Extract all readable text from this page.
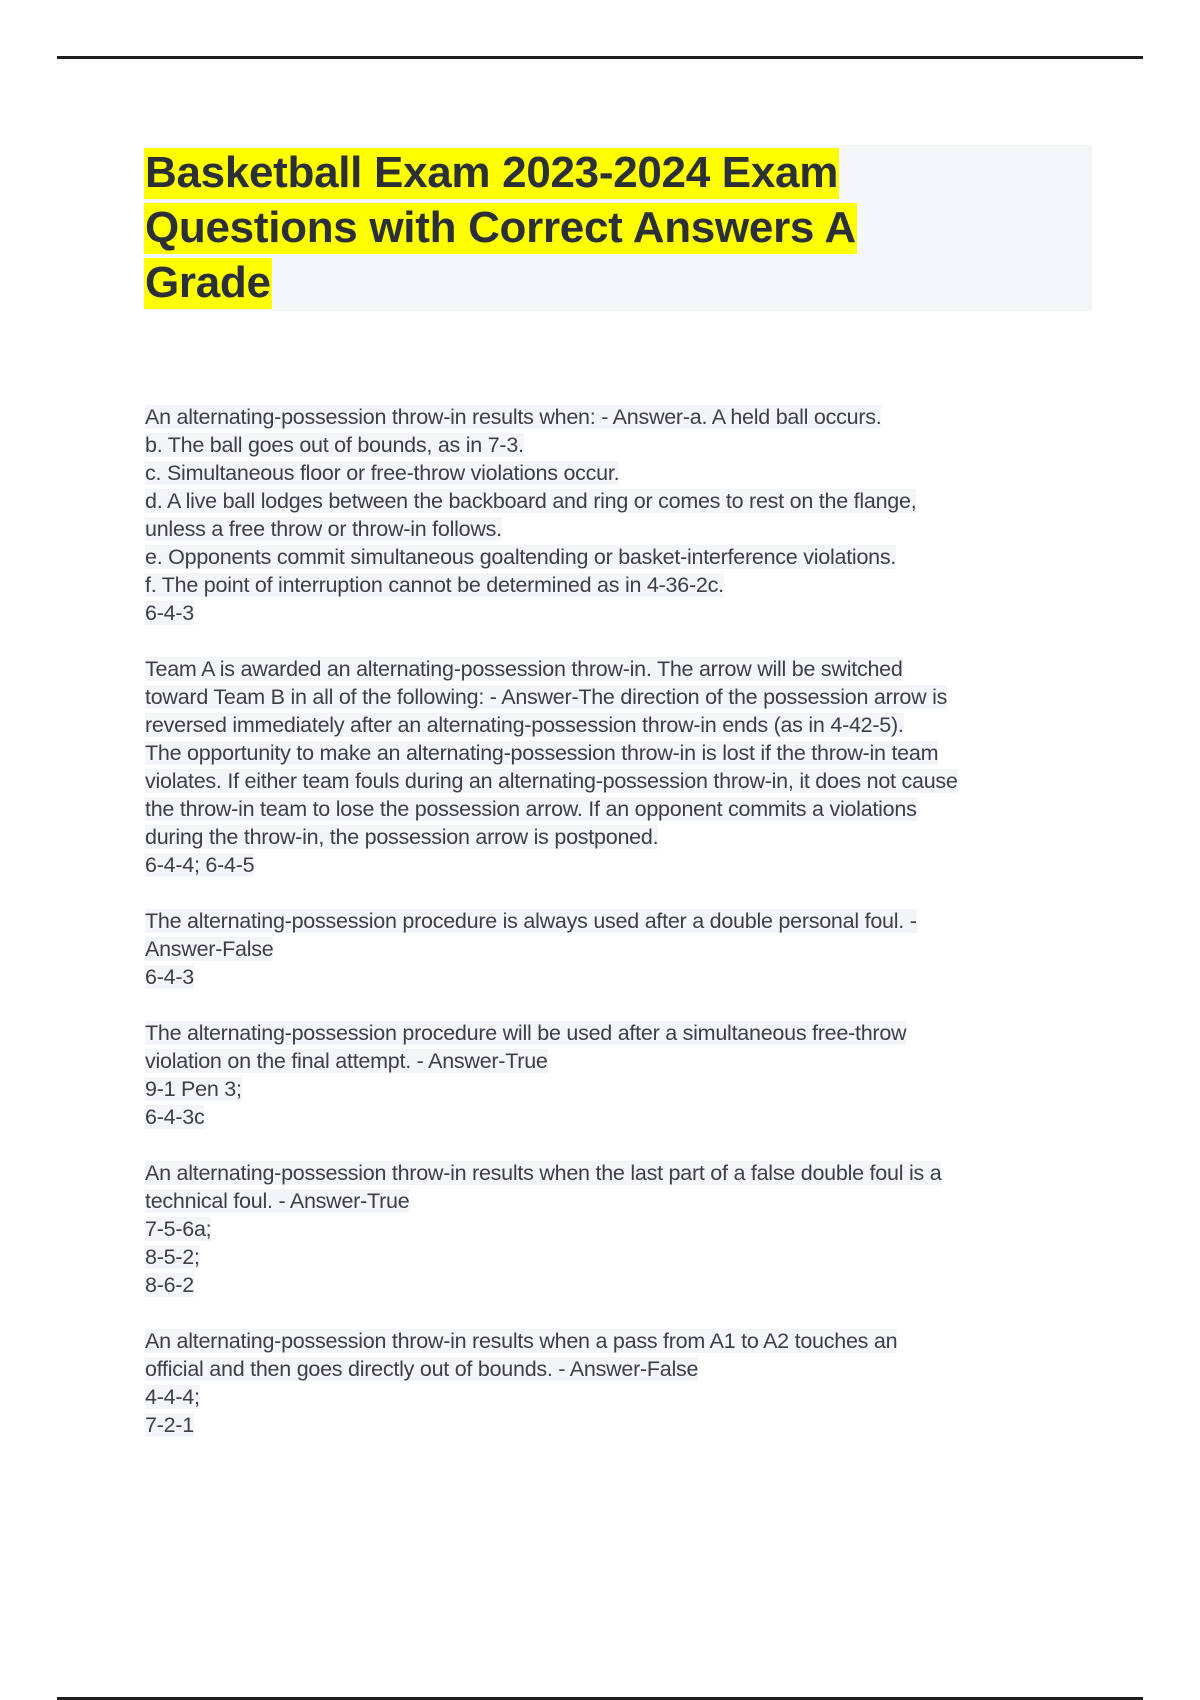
Basketball Exam 2023-2024 Exam
Questions with Correct Answers A
Grade
An alternating-possession throw-in results when: - Answer-a. A held ball occurs.
b. The ball goes out of bounds, as in 7-3.
c. Simultaneous floor or free-throw violations occur.
d. A live ball lodges between the backboard and ring or comes to rest on the flange,
unless a free throw or throw-in follows.
e. Opponents commit simultaneous goaltending or basket-interference violations.
f. The point of interruption cannot be determined as in 4-36-2c.
6-4-3
Team A is awarded an alternating-possession throw-in. The arrow will be switched
toward Team B in all of the following: - Answer-The direction of the possession arrow is
reversed immediately after an alternating-possession throw-in ends (as in 4-42-5).
The opportunity to make an alternating-possession throw-in is lost if the throw-in team
violates. If either team fouls during an alternating-possession throw-in, it does not cause
the throw-in team to lose the possession arrow. If an opponent commits a violations
during the throw-in, the possession arrow is postponed.
6-4-4; 6-4-5
The alternating-possession procedure is always used after a double personal foul. -
Answer-False
6-4-3
The alternating-possession procedure will be used after a simultaneous free-throw
violation on the final attempt. - Answer-True
9-1 Pen 3;
6-4-3c
An alternating-possession throw-in results when the last part of a false double foul is a
technical foul. - Answer-True
7-5-6a;
8-5-2;
8-6-2
An alternating-possession throw-in results when a pass from A1 to A2 touches an
official and then goes directly out of bounds. - Answer-False
4-4-4;
7-2-1
